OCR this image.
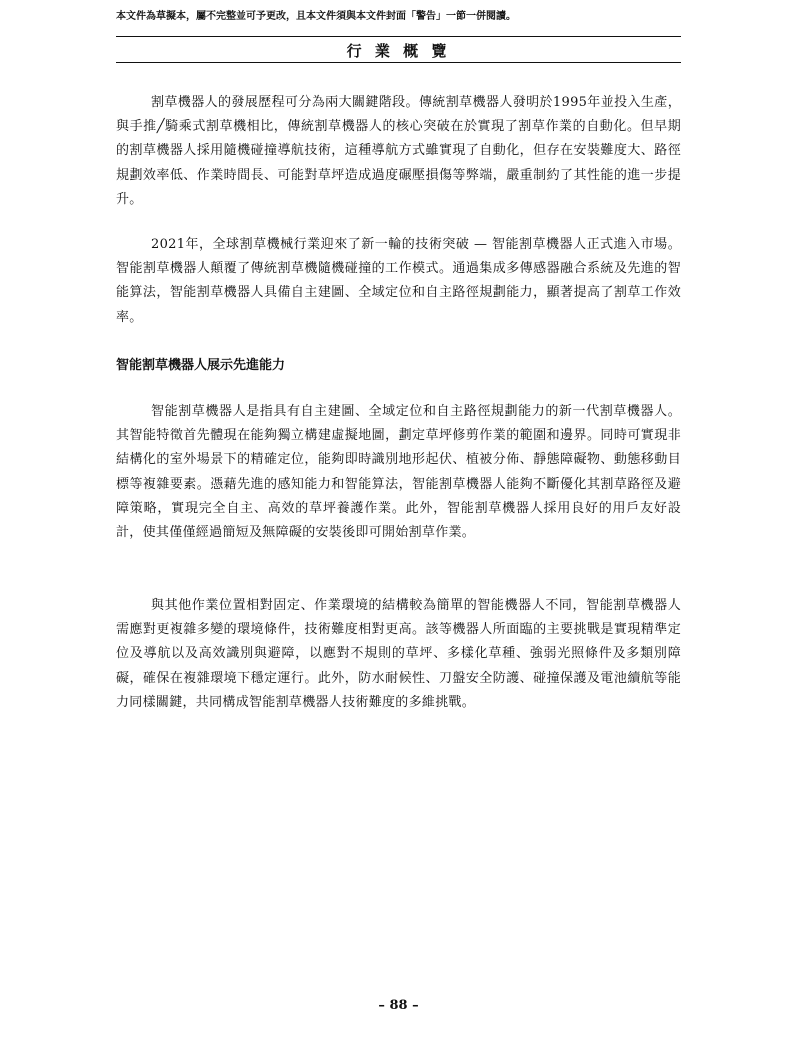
本文件為草擬本，屬不完整並可予更改，且本文件須與本文件封面「警告」一節一併閱讀。
行 業 概 覽

割草機器人的發展歷程可分為兩大關鍵階段。傳統割草機器人發明於1995年並投入生產，與手推╱騎乘式割草機相比，傳統割草機器人的核心突破在於實現了割草作業的自動化。但早期的割草機器人採用隨機碰撞導航技術，這種導航方式雖實現了自動化，但存在安裝難度大、路徑規劃效率低、作業時間長、可能對草坪造成過度碾壓損傷等弊端，嚴重制約了其性能的進一步提升。

2021年，全球割草機械行業迎來了新一輪的技術突破 — 智能割草機器人正式進入市場。智能割草機器人顛覆了傳統割草機隨機碰撞的工作模式。通過集成多傳感器融合系統及先進的智能算法，智能割草機器人具備自主建圖、全域定位和自主路徑規劃能力，顯著提高了割草工作效率。

智能割草機器人展示先進能力

智能割草機器人是指具有自主建圖、全域定位和自主路徑規劃能力的新一代割草機器人。其智能特徵首先體現在能夠獨立構建虛擬地圖，劃定草坪修剪作業的範圍和邊界。同時可實現非結構化的室外場景下的精確定位，能夠即時識別地形起伏、植被分佈、靜態障礙物、動態移動目標等複雜要素。憑藉先進的感知能力和智能算法，智能割草機器人能夠不斷優化其割草路徑及避障策略，實現完全自主、高效的草坪養護作業。此外，智能割草機器人採用良好的用戶友好設計，使其僅僅經過簡短及無障礙的安裝後即可開始割草作業。

與其他作業位置相對固定、作業環境的結構較為簡單的智能機器人不同，智能割草機器人需應對更複雜多變的環境條件，技術難度相對更高。該等機器人所面臨的主要挑戰是實現精準定位及導航以及高效識別與避障，以應對不規則的草坪、多樣化草種、強弱光照條件及多類別障礙，確保在複雜環境下穩定運行。此外，防水耐候性、刀盤安全防護、碰撞保護及電池續航等能力同樣關鍵，共同構成智能割草機器人技術難度的多維挑戰。

– 88 –
